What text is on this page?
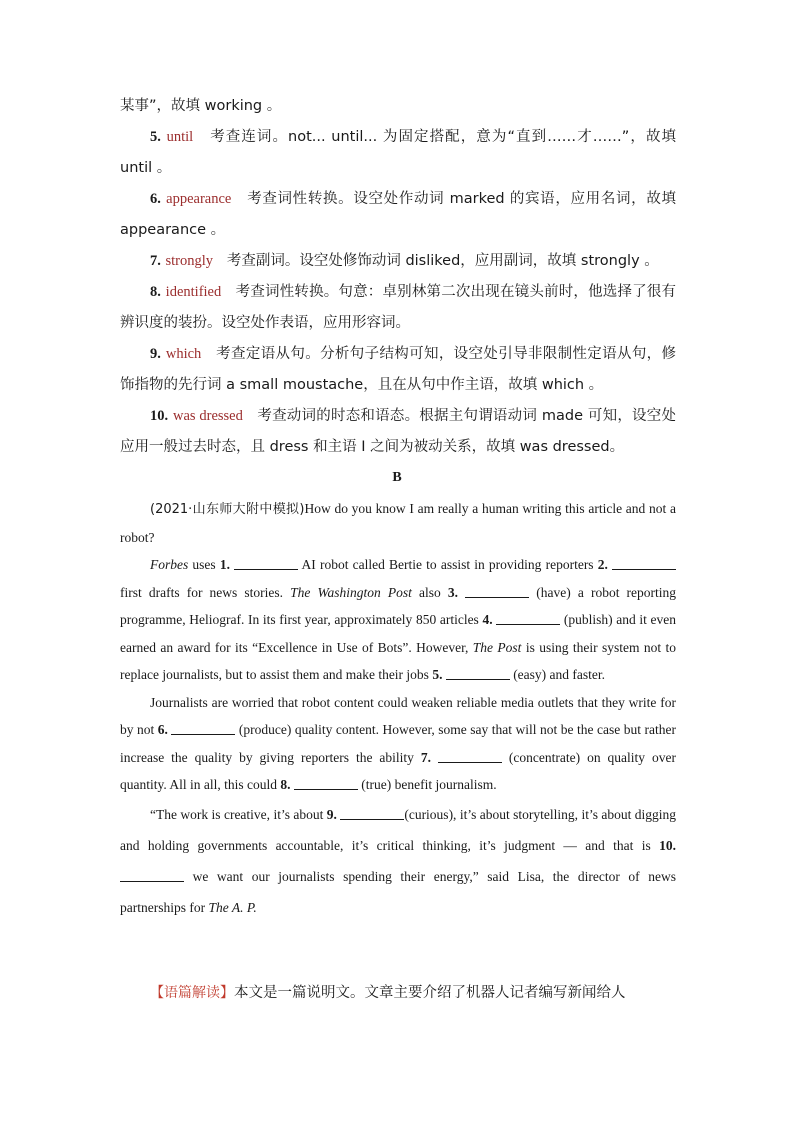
某事”，故填 working 。

5. until 考查连词。not... until... 为固定搭配，意为“直到……才……”，故填 until 。

6. appearance 考查词性转换。设空处作动词 marked 的宾语，应用名词，故填 appearance 。

7. strongly 考查副词。设空处修饰动词 disliked，应用副词，故填 strongly 。

8. identified 考查词性转换。句意：卓别林第二次出现在镜头前时，他选择了很有辨识度的装扮。设空处作表语，应用形容词。

9. which 考查定语从句。分析句子结构可知，设空处引导非限制性定语从句，修饰指物的先行词 a small moustache，且在从句中作主语，故填 which 。

10. was dressed 考查动词的时态和语态。根据主句谓语动词 made 可知，设空处应用一般过去时态，且 dress 和主语 I 之间为被动关系，故填 was dressed。

B

(2021·山东师大附中模拟)How do you know I am really a human writing this article and not a robot?

Forbes uses 1.	AI robot called Bertie to assist in providing reporters 2.  first drafts for news stories. The Washington Post also 3.	(have) a robot reporting programme, Heliograf. In its first year, approximately 850 articles 4.	(publish) and it even earned an award for its “Excellence in Use of Bots”. However, The Post is using their system not to replace journalists, but to assist them and make their jobs 5.	(easy) and faster.

Journalists are worried that robot content could weaken reliable media outlets that they write for by not 6.	(produce) quality content. However, some say that will not be the case but rather increase the quality by giving reporters the ability 7.	(concentrate) on quality over quantity. All in all, this could 8.	(true) benefit journalism.

“The work is creative, it’s about 9.	(curious), it’s about storytelling, it’s about digging and holding governments accountable, it’s critical thinking, it’s judgment — and that is 10.  we want our journalists spending their energy,” said Lisa, the director of news partnerships for The A. P.

【语篇解读】本文是一篇说明文。文章主要介绍了机器人记者编写新闻给人
